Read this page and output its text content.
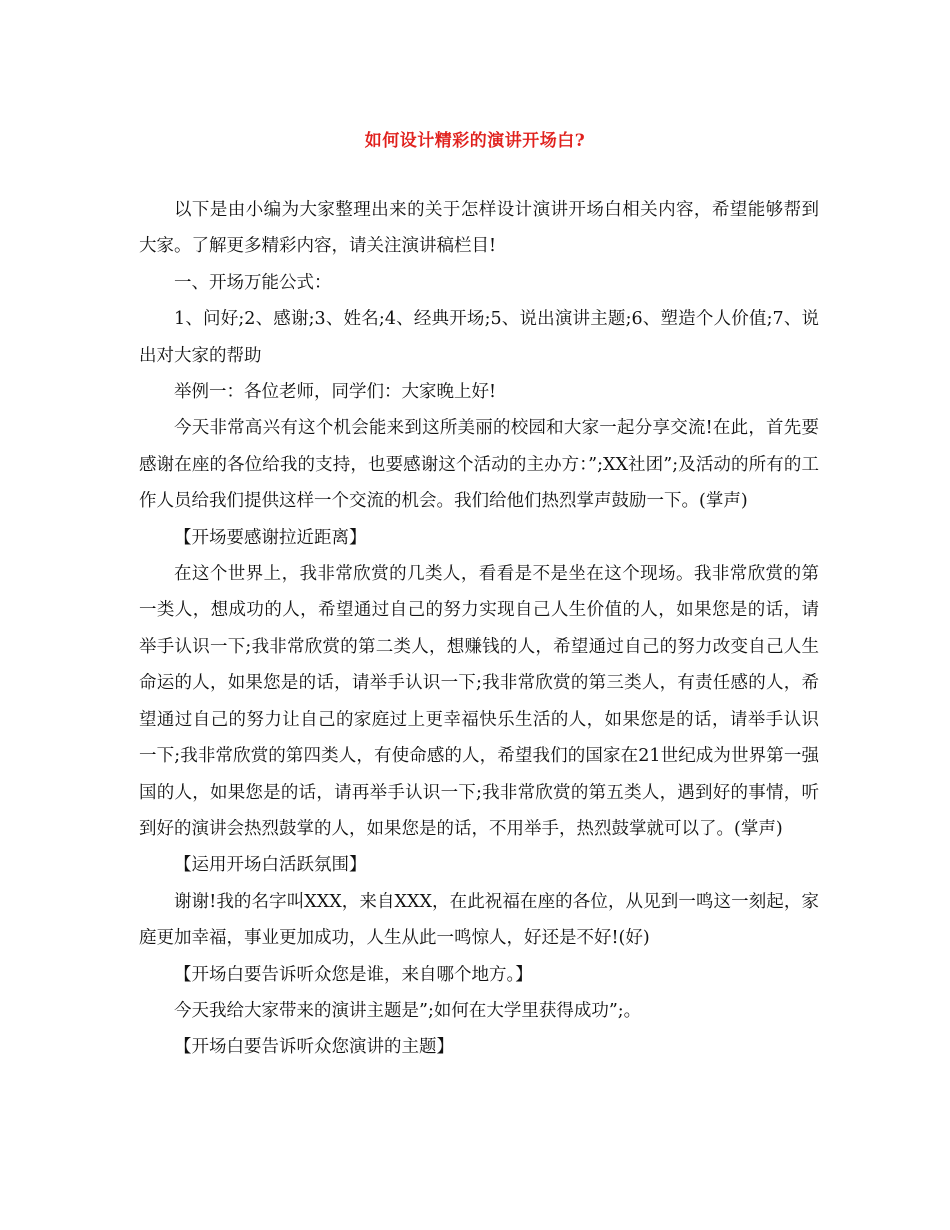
如何设计精彩的演讲开场白?

以下是由小编为大家整理出来的关于怎样设计演讲开场白相关内容，希望能够帮到大家。了解更多精彩内容，请关注演讲稿栏目!

一、开场万能公式：

1、问好;2、感谢;3、姓名;4、经典开场;5、说出演讲主题;6、塑造个人价值;7、说出对大家的帮助

举例一：各位老师，同学们：大家晚上好!

今天非常高兴有这个机会能来到这所美丽的校园和大家一起分享交流!在此，首先要感谢在座的各位给我的支持，也要感谢这个活动的主办方：”;XX社团”;及活动的所有的工作人员给我们提供这样一个交流的机会。我们给他们热烈掌声鼓励一下。(掌声)

【开场要感谢拉近距离】

在这个世界上，我非常欣赏的几类人，看看是不是坐在这个现场。我非常欣赏的第一类人，想成功的人，希望通过自己的努力实现自己人生价值的人，如果您是的话，请举手认识一下;我非常欣赏的第二类人，想赚钱的人，希望通过自己的努力改变自己人生命运的人，如果您是的话，请举手认识一下;我非常欣赏的第三类人，有责任感的人，希望通过自己的努力让自己的家庭过上更幸福快乐生活的人，如果您是的话，请举手认识一下;我非常欣赏的第四类人，有使命感的人，希望我们的国家在21世纪成为世界第一强国的人，如果您是的话，请再举手认识一下;我非常欣赏的第五类人，遇到好的事情，听到好的演讲会热烈鼓掌的人，如果您是的话，不用举手，热烈鼓掌就可以了。(掌声)

【运用开场白活跃氛围】

谢谢!我的名字叫XXX，来自XXX，在此祝福在座的各位，从见到一鸣这一刻起，家庭更加幸福，事业更加成功，人生从此一鸣惊人，好还是不好!(好)

【开场白要告诉听众您是谁，来自哪个地方。】

今天我给大家带来的演讲主题是”;如何在大学里获得成功”;。

【开场白要告诉听众您演讲的主题】
